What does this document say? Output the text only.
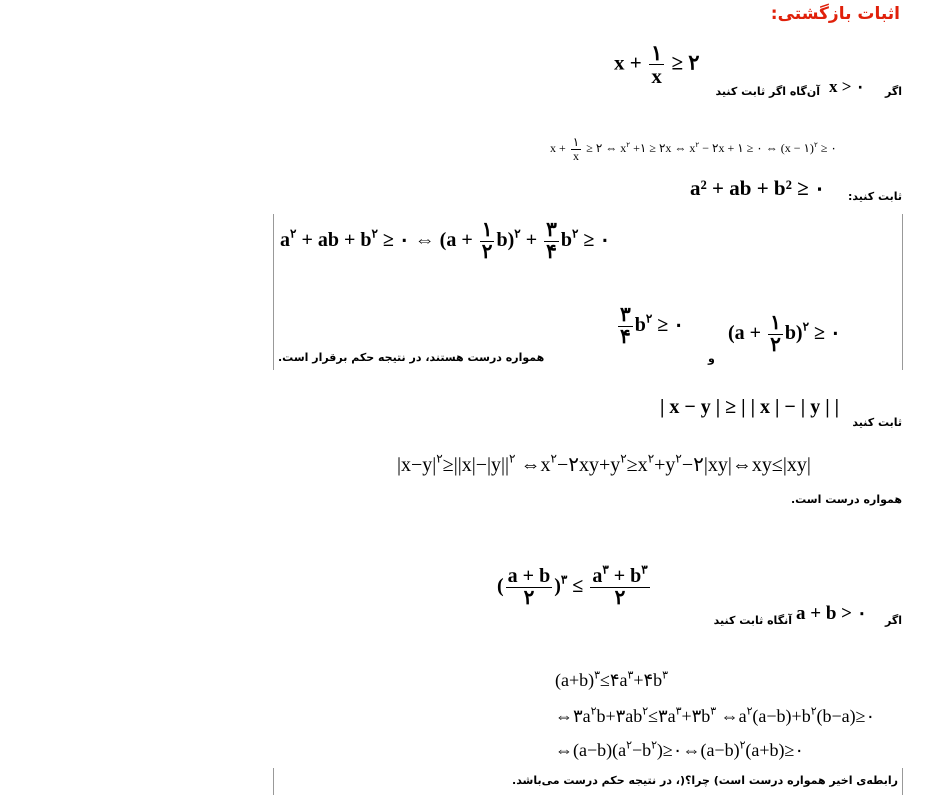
اثبات بازگشتی:
$x + \frac{۱}{x}$ ≥ ۲
x > ۰ اگر
آن‌گاه اگر ثابت کنید
$x + \frac{۱}{x}$ ≥ ۲ ⇔ $x^۲$ +۱ ≥ ۲x ⇔ $x^۲$ − ۲x + ۱ ≥ ۰ ⇔ (x − ۱)$^۲$ ≥ ۰
a² + ab + b² ≥ ۰ ثابت کنید:
$a^۲$ + ab + $b^۲$ ≥ ۰ ⇔ $(a + \frac{۱}{۲} b)^۲ + \frac{۳}{۴} b^۲$ ≥ ۰
$\frac{۳}{۴} b^۲$ ≥ ۰ $(a + \frac{۱}{۲} b)^۲$ ≥ ۰
و
همواره درست هستند، در نتیجه حکم برقرار است.
| x − y | ≥ | | x | − | y | |
ثابت کنید
$|x-y|^۲\ge||x|-|y||^۲$ $\Leftrightarrow x^۲-۲xy+y^۲\ge x^۲+y^۲-۲|xy|\Leftrightarrow xy\le|xy|$
همواره درست است.
( $\frac{a + b}{۲} )^۳ \le \frac{a^۳ + b^۳}{۲}$
a + b > ۰ اگر
آنگاه ثابت کنید
$(a+b)^۳\le ۴a^۳+۴b^۳$
$\Leftrightarrow ۳a^۲b+۳ab^۲\le ۳a^۳+۳b^۳$ $\Leftrightarrow a^۲(a-b)+b^۲(b-a)\ge ۰$
$\Leftrightarrow(a-b)(a^۲-b^۲)\ge ۰\Leftrightarrow(a-b)^۲(a+b)\ge ۰$
رابطه‌ی اخیر همواره درست است) چرا؟(، در نتیجه حکم درست می‌باشد.
